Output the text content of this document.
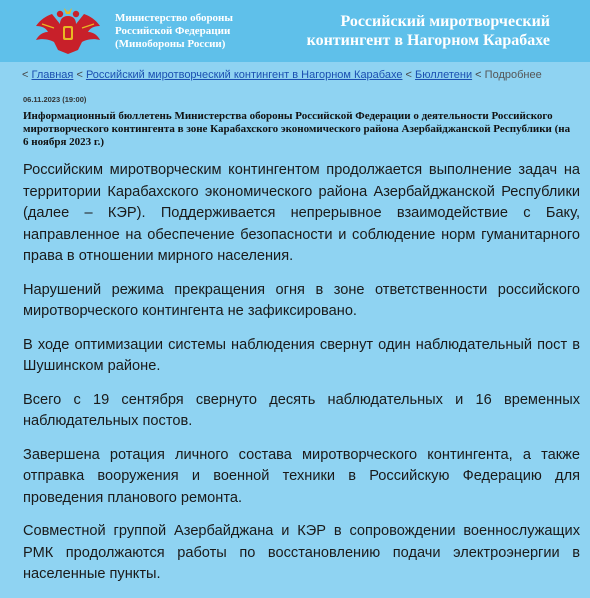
Министерство обороны
Российской Федерации
(Минобороны России)
Российский миротворческий
контингент в Нагорном Карабахе
< Главная < Российский миротворческий контингент в Нагорном Карабахе < Бюллетени < Подробнее
06.11.2023 (19:00)
Информационный бюллетень Министерства обороны Российской Федерации о деятельности Российского миротворческого контингента в зоне Карабахского экономического района Азербайджанской Республики (на 6 ноября 2023 г.)

Российским миротворческим контингентом продолжается выполнение задач на территории Карабахского экономического района Азербайджанской Республики (далее – КЭР). Поддерживается непрерывное взаимодействие с Баку, направленное на обеспечение безопасности и соблюдение норм гуманитарного права в отношении мирного населения.

Нарушений режима прекращения огня в зоне ответственности российского миротворческого контингента не зафиксировано.

В ходе оптимизации системы наблюдения свернут один наблюдательный пост в Шушинском районе.

Всего с 19 сентября свернуто десять наблюдательных и 16 временных наблюдательных постов.

Завершена ротация личного состава миротворческого контингента, а также отправка вооружения и военной техники в Российскую Федерацию для проведения планового ремонта.

Совместной группой Азербайджана и КЭР в сопровождении военнослужащих РМК продолжаются работы по восстановлению подачи электроэнергии в населенные пункты.
